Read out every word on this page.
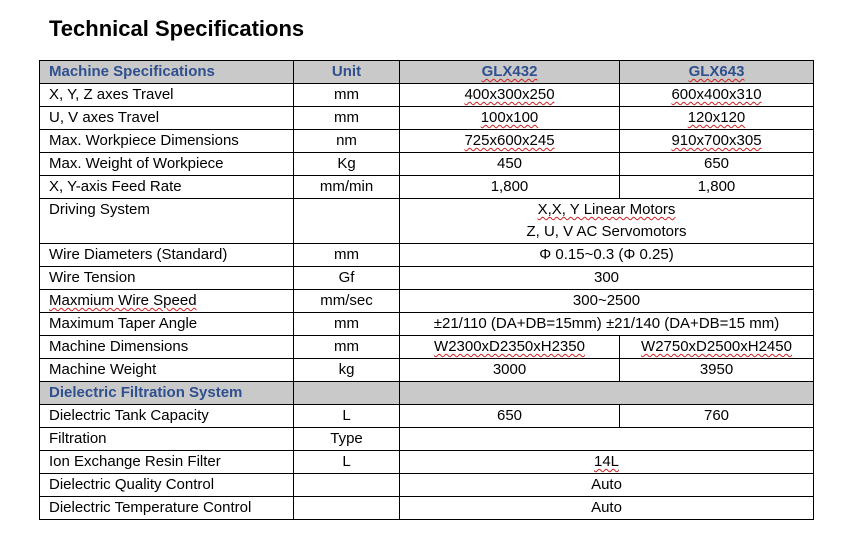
Technical Specifications
Machine Specifications	Unit	GLX432	GLX643
X, Y, Z axes Travel	mm	400x300x250	600x400x310
U, V axes Travel	mm	100x100	120x120
Max. Workpiece Dimensions	nm	725x600x245	910x700x305
Max. Weight of Workpiece	Kg	450	650
X, Y-axis Feed Rate	mm/min	1,800	1,800
Driving System		X,X, Y Linear Motors
Z, U, V AC Servomotors	

Wire Diameters (Standard)	mm	Φ 0.15~0.3 (Φ 0.25)	
Wire Tension	Gf	300	
Maxmium Wire Speed	mm/sec	300~2500	
Maximum Taper Angle	mm	±21/110 (DA+DB=15mm) ±21/140 (DA+DB=15 mm)	
Machine Dimensions	mm	W2300xD2350xH2350	W2750xD2500xH2450
Machine Weight	kg	3000	3950
Dielectric Filtration System			
Dielectric Tank Capacity	L	650	760
Filtration	Type		
Ion Exchange Resin Filter	L	14L	
Dielectric Quality Control		Auto	
Dielectric Temperature Control		Auto	
